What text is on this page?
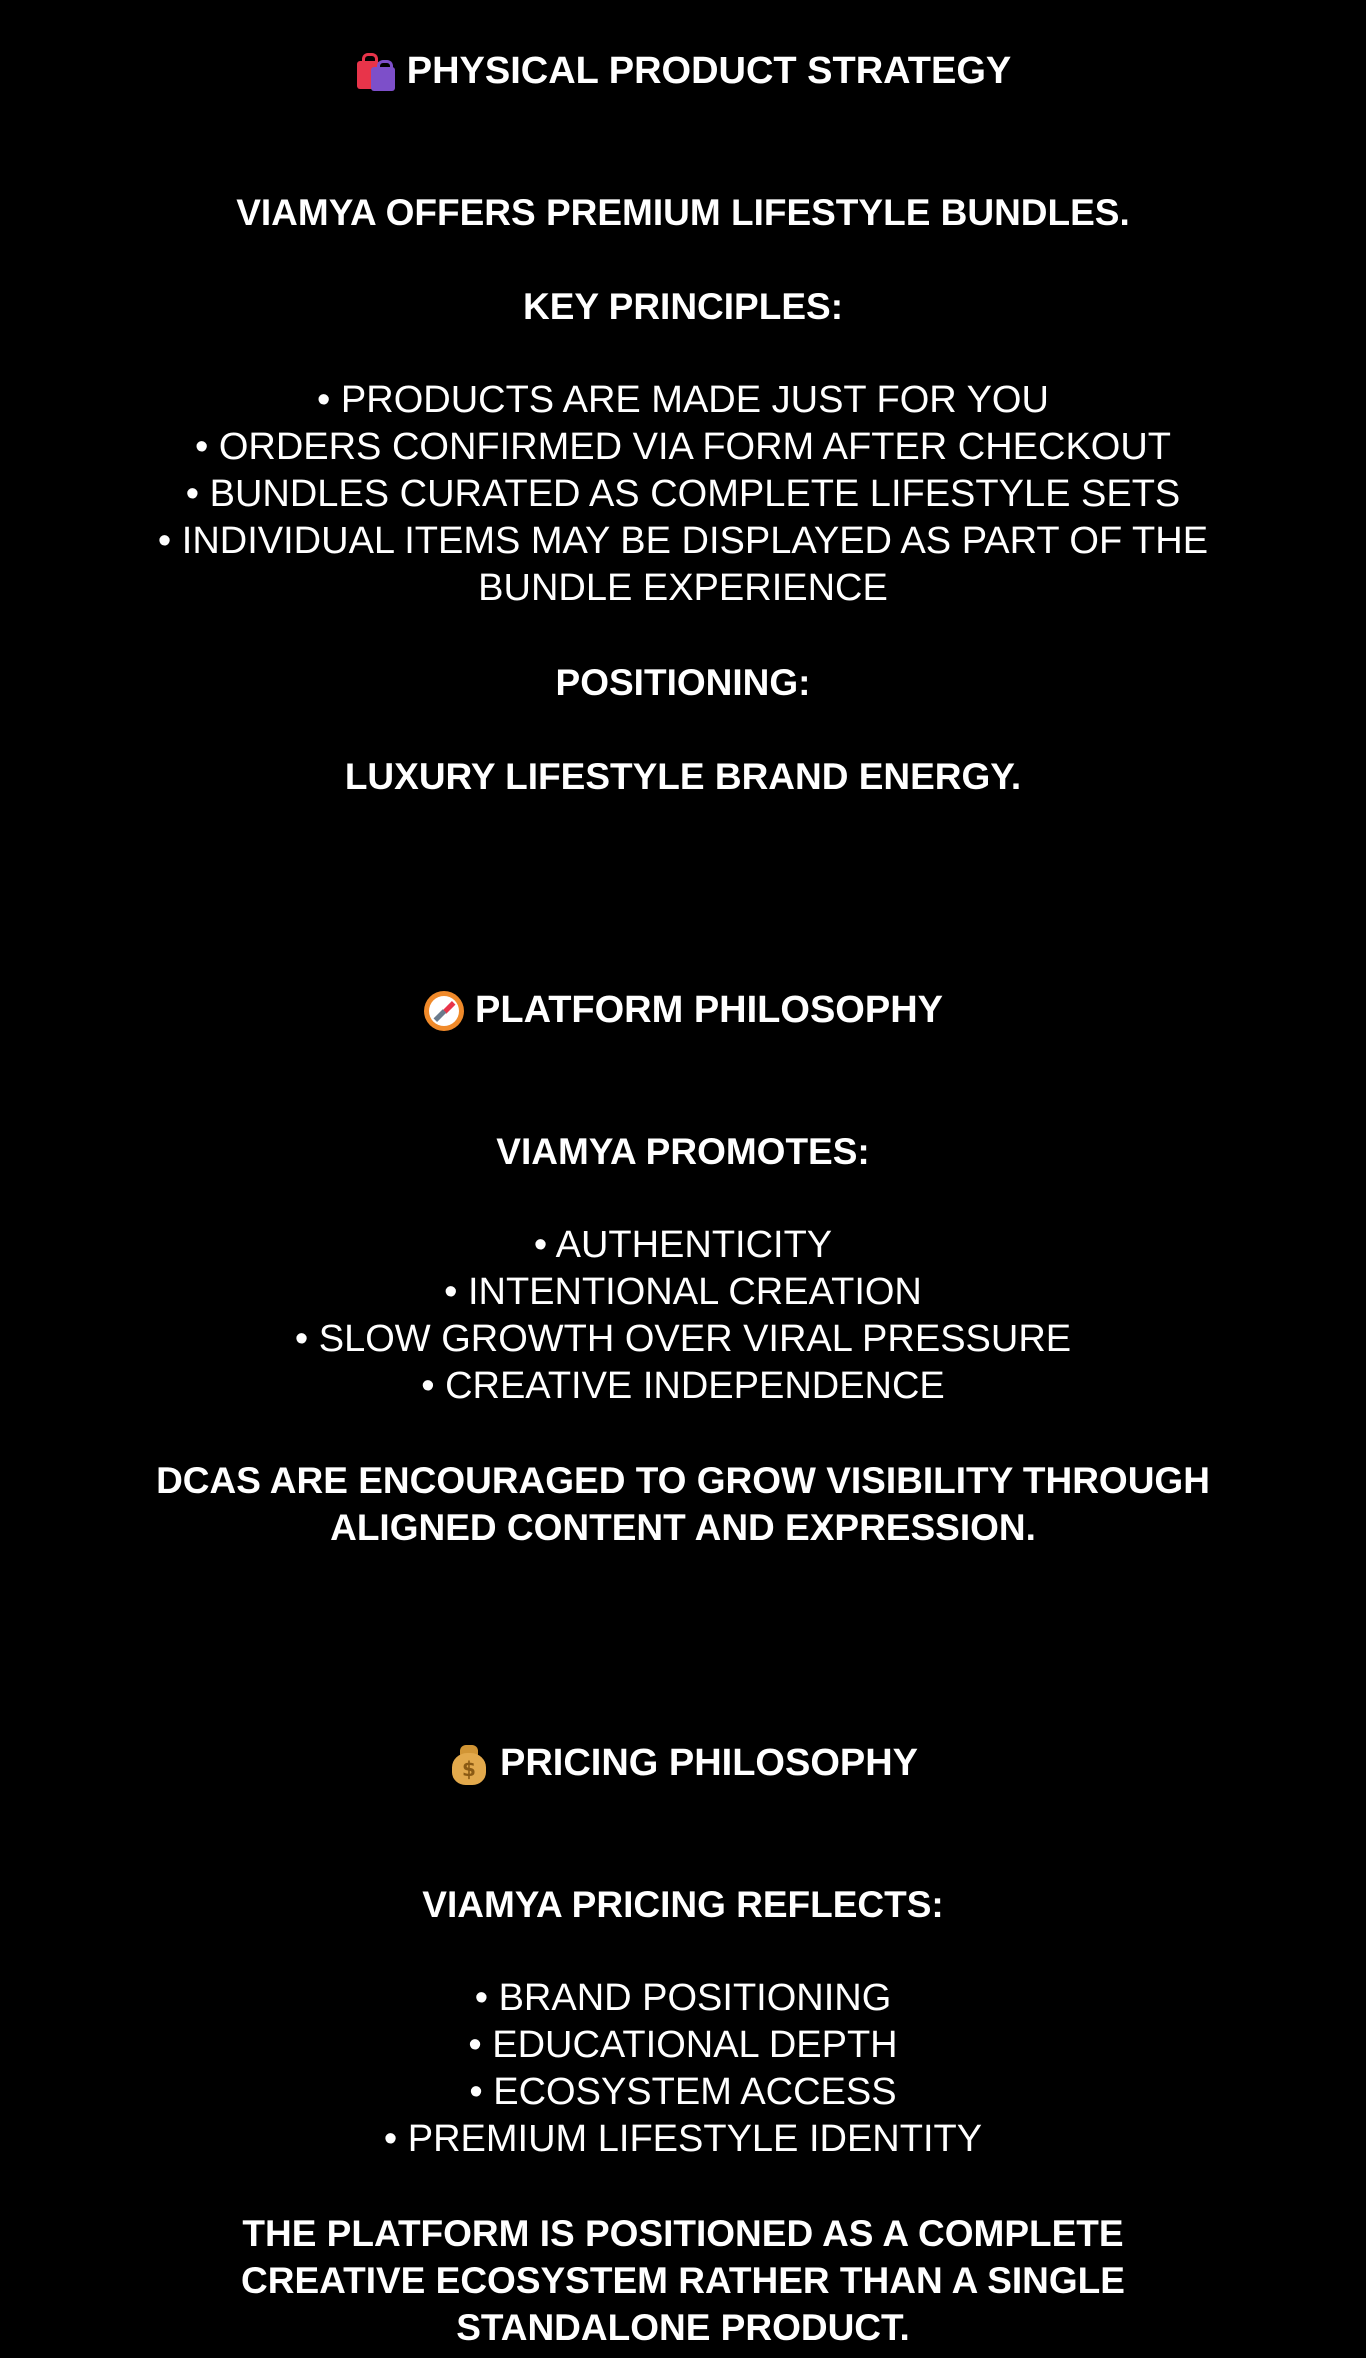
PHYSICAL PRODUCT STRATEGY

VIAMYA OFFERS PREMIUM LIFESTYLE BUNDLES.

KEY PRINCIPLES:

• PRODUCTS ARE MADE JUST FOR YOU
• ORDERS CONFIRMED VIA FORM AFTER CHECKOUT
• BUNDLES CURATED AS COMPLETE LIFESTYLE SETS
• INDIVIDUAL ITEMS MAY BE DISPLAYED AS PART OF THE BUNDLE EXPERIENCE

POSITIONING:

LUXURY LIFESTYLE BRAND ENERGY.

PLATFORM PHILOSOPHY

VIAMYA PROMOTES:

• AUTHENTICITY
• INTENTIONAL CREATION
• SLOW GROWTH OVER VIRAL PRESSURE
• CREATIVE INDEPENDENCE

DCAS ARE ENCOURAGED TO GROW VISIBILITY THROUGH ALIGNED CONTENT AND EXPRESSION.

$ PRICING PHILOSOPHY

VIAMYA PRICING REFLECTS:

• BRAND POSITIONING
• EDUCATIONAL DEPTH
• ECOSYSTEM ACCESS
• PREMIUM LIFESTYLE IDENTITY

THE PLATFORM IS POSITIONED AS A COMPLETE CREATIVE ECOSYSTEM RATHER THAN A SINGLE STANDALONE PRODUCT.
